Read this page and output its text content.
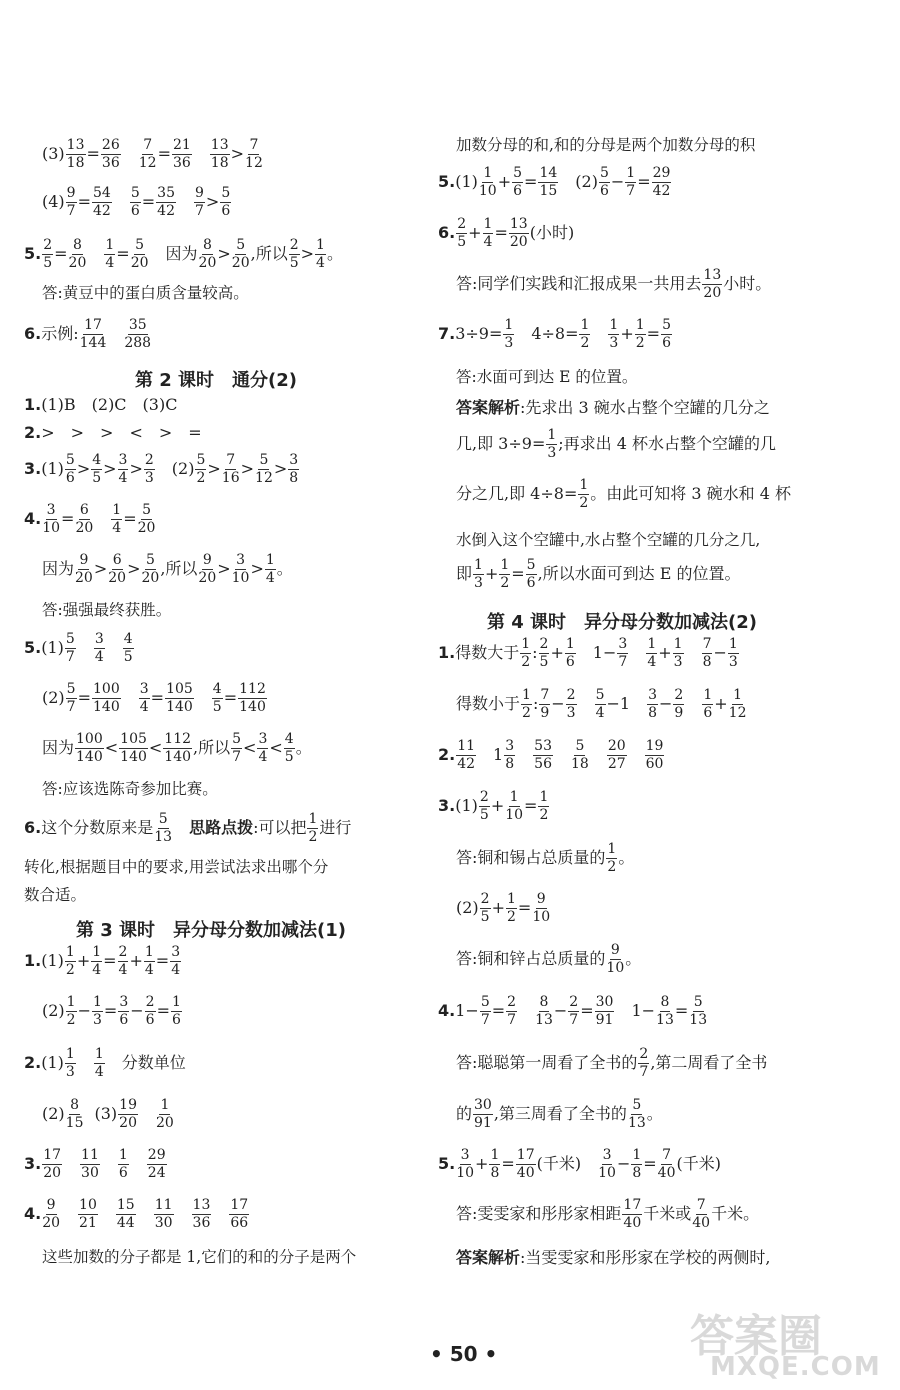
(3) 13
18 = 26
36
7
12 = 21
36
13
18 > 7
12
(4) 9
7 = 54
42
5
6 = 35
42
9
7 > 5
6
5. 2
5 = 8
20
1
4 = 5
20 因为 8
20 > 5
20 ,所以 2
5 > 1
4 。
答:黄豆中的蛋白质含量较高。
6. 示例: 17
144
35
288
第 2 课时　通分(2)
1. (1)B　(2)C　(3)C
2. >　>　>　<　>　=
3. (1) 5
6 > 4
5 > 3
4 > 2
3 (2) 5
2 > 7
16 > 5
12 > 3
8
4. 3
10 = 6
20
1
4 = 5
20
因为 9
20 > 6
20 > 5
20 ,所以 9
20 > 3
10 > 1
4 。
答:强强最终获胜。
5. (1) 5
7
3
4
4
5
(2) 5
7 = 100
140
3
4 = 105
140
4
5 = 112
140
因为 100
140 < 105
140 < 112
140 ,所以 5
7 < 3
4 < 4
5 。
答:应该选陈奇参加比赛。
6. 这个分数原来是 5
13 思路点拨 :可以把 1
2 进行
转化,根据题目中的要求,用尝试法求出哪个分
数合适。
第 3 课时　异分母分数加减法(1)
1. (1) 1
2 + 1
4 = 2
4 + 1
4 = 3
4
(2) 1
2 − 1
3 = 3
6 − 2
6 = 1
6
2. (1) 1
3
1
4 分数单位
(2) 8
15 (3) 19
20
1
20
3. 17
20
11
30
1
6
29
24
4. 9
20
10
21
15
44
11
30
13
36
17
66
这些加数的分子都是 1,它们的和的分子是两个
加数分母的和,和的分母是两个加数分母的积
5. (1) 1
10 + 5
6 = 14
15 (2) 5
6 − 1
7 = 29
42
6. 2
5 + 1
4 = 13
20 (小时)
答:同学们实践和汇报成果一共用去 13
20 小时。
7. $3\div 9= \frac{1}{3} 4\div 8= \frac{1}{2} 1$
3 + 1
2 = 5
6
答:水面可到达 E 的位置。
答案解析 :先求出 3 碗水占整个空罐的几分之
几,即 $3\div 9= \frac{1}{3}$ ;再求出 4 杯水占整个空罐的几
分之几,即 $4\div 8= \frac{1}{2}$ 。由此可知将 3 碗水和 4 杯
水倒入这个空罐中,水占整个空罐的几分之几,
即 1
3 + 1
2 = 5
6 ,所以水面可到达 E 的位置。
第 4 课时　异分母分数加减法(2)
1. 得数大于 1
2 : 2
5 + 1
6 1− 3
7
1
4 + 1
3
7
8 − 1
3
得数小于 1
2 : 7
9 − 2
3
5
4 −1 3
8 − 2
9
1
6 + 1
12
2. 11
42 1 3
8
53
56
5
18
20
27
19
60
3. (1) 2
5 + 1
10 = 1
2
答:铜和锡占总质量的 1
2 。
(2) 2
5 + 1
2 = 9
10
答:铜和锌占总质量的 9
10 。
4. $1- \frac{5}{7} = 2$
7
8
13 − 2
7 = 30
91 $1- \frac{8}{13} = 5$
13
答:聪聪第一周看了全书的 2
7 ,第二周看了全书
的 30
91 ,第三周看了全书的 5
13 。
5. 3
10 + 1
8 = 17
40 (千米) 3
10 − 1
8 = 7
40 (千米)
答:雯雯家和彤彤家相距 17
40 千米或 7
40 千米。
答案解析 :当雯雯家和彤彤家在学校的两侧时,
• 50 •	答案圈
MXQE.COM
